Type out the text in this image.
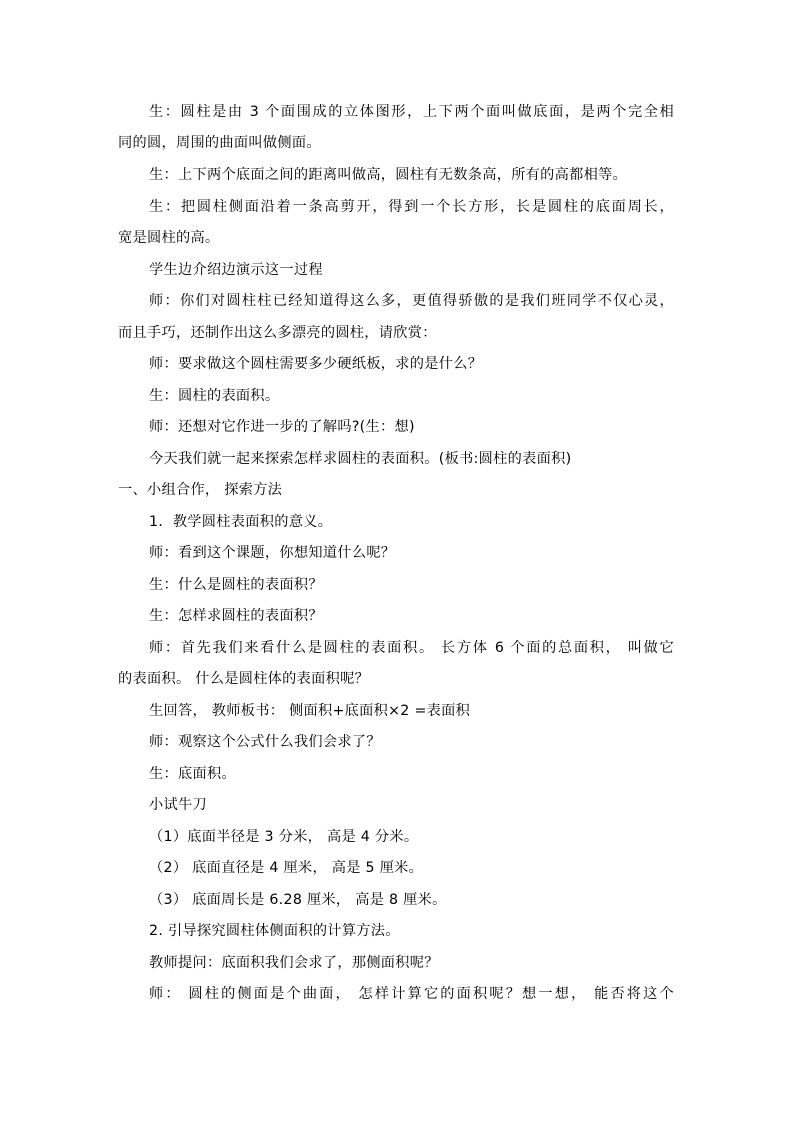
生：圆柱是由 3 个面围成的立体图形，上下两个面叫做底面，是两个完全相
同的圆，周围的曲面叫做侧面。
生：上下两个底面之间的距离叫做高，圆柱有无数条高，所有的高都相等。
生：把圆柱侧面沿着一条高剪开，得到一个长方形，长是圆柱的底面周长，
宽是圆柱的高。
学生边介绍边演示这一过程
师：你们对圆柱柱已经知道得这么多，更值得骄傲的是我们班同学不仅心灵，
而且手巧，还制作出这么多漂亮的圆柱，请欣赏：
师：要求做这个圆柱需要多少硬纸板，求的是什么？
生：圆柱的表面积。
师：还想对它作进一步的了解吗?(生：想)
今天我们就一起来探索怎样求圆柱的表面积。(板书:圆柱的表面积)
一、小组合作， 探索方法
1．教学圆柱表面积的意义。
师：看到这个课题，你想知道什么呢？
生：什么是圆柱的表面积？
生：怎样求圆柱的表面积？
师：首先我们来看什么是圆柱的表面积。 长方体 6 个面的总面积， 叫做它
的表面积。 什么是圆柱体的表面积呢？
生回答， 教师板书： 侧面积+底面积×2 =表面积
师：观察这个公式什么我们会求了？
生：底面积。
小试牛刀
（1）底面半径是 3 分米， 高是 4 分米。
（2） 底面直径是 4 厘米， 高是 5 厘米。
（3） 底面周长是 6.28 厘米， 高是 8 厘米。
2. 引导探究圆柱体侧面积的计算方法。
教师提问：底面积我们会求了，那侧面积呢？
师： 圆柱的侧面是个曲面， 怎样计算它的面积呢？想一想， 能否将这个
